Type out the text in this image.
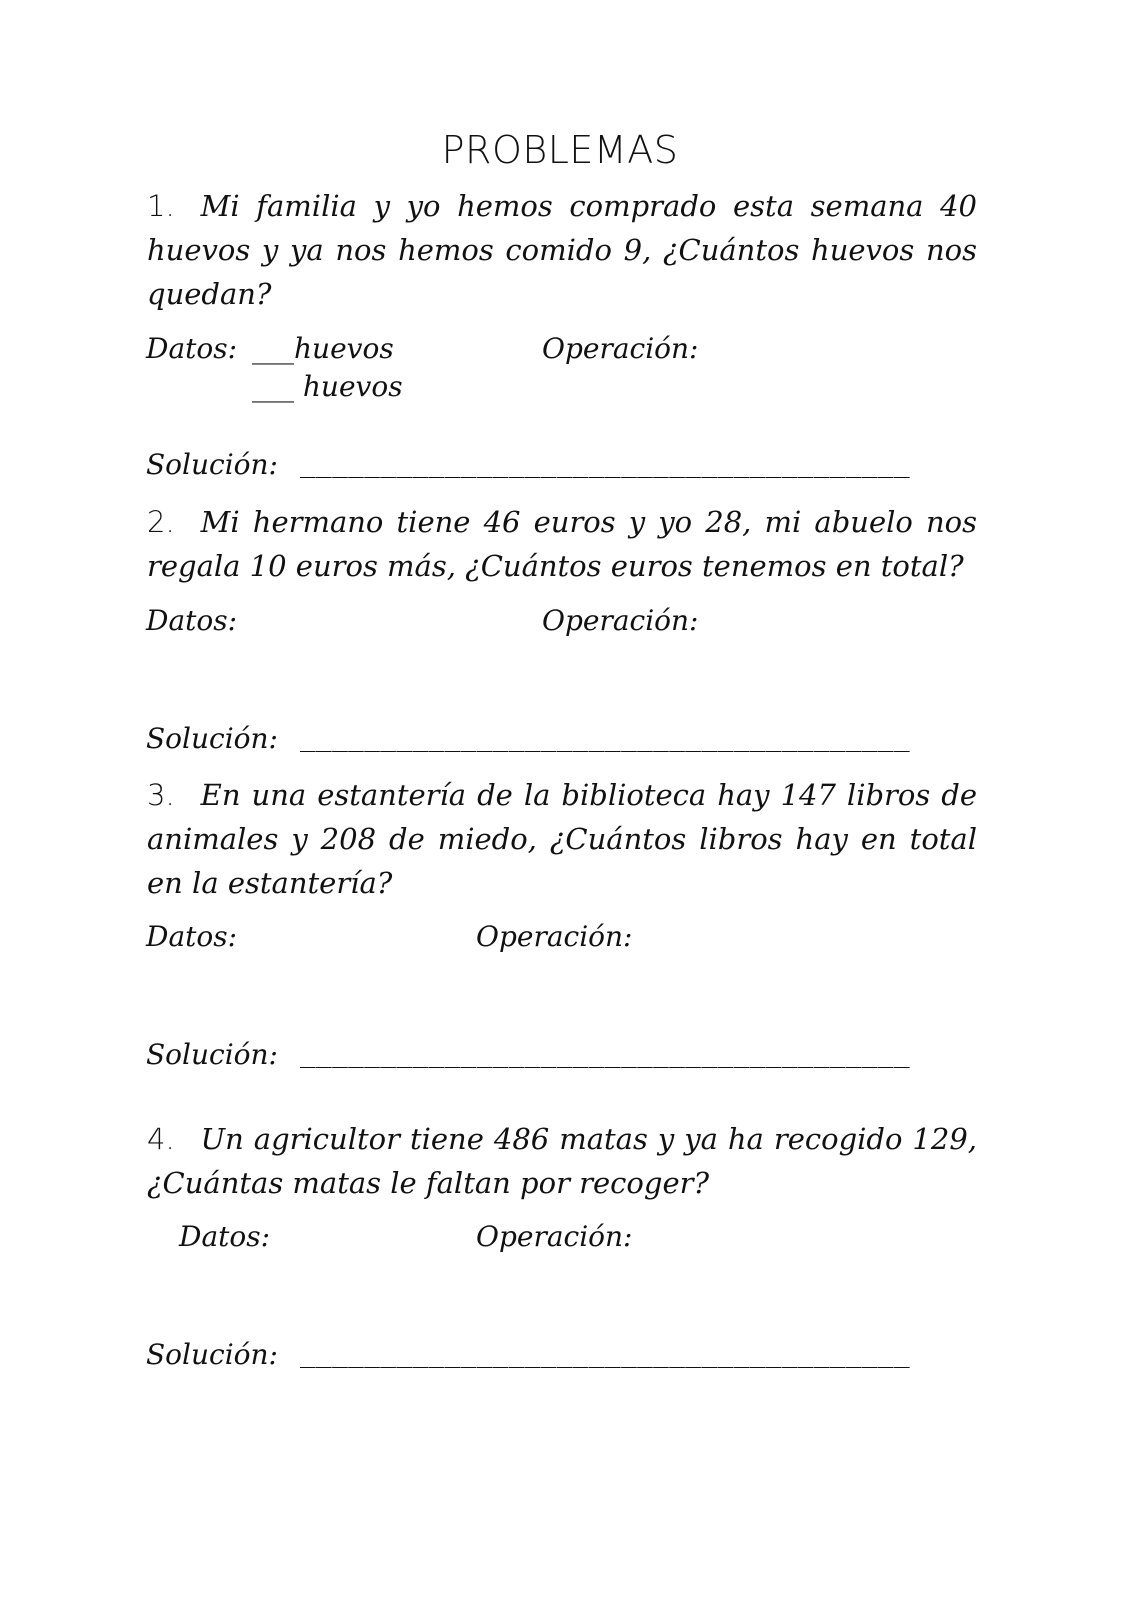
PROBLEMAS
1. Mi familia y yo hemos comprado esta semana 40 huevos y ya nos hemos comido 9, ¿Cuántos huevos nos quedan?
Datos: ___huevos
___ huevos
Operación:
Solución: ______________________________________
2. Mi hermano tiene 46 euros y yo 28, mi abuelo nos regala 10 euros más, ¿Cuántos euros tenemos en total?
Datos:	Operación:
Solución: ______________________________________
3. En una estantería de la biblioteca hay 147 libros de animales y 208 de miedo, ¿Cuántos libros hay en total en la estantería?
Datos:	Operación:
Solución: ______________________________________
4. Un agricultor tiene 486 matas y ya ha recogido 129, ¿Cuántas matas le faltan por recoger?
Datos:	Operación:
Solución: ______________________________________
